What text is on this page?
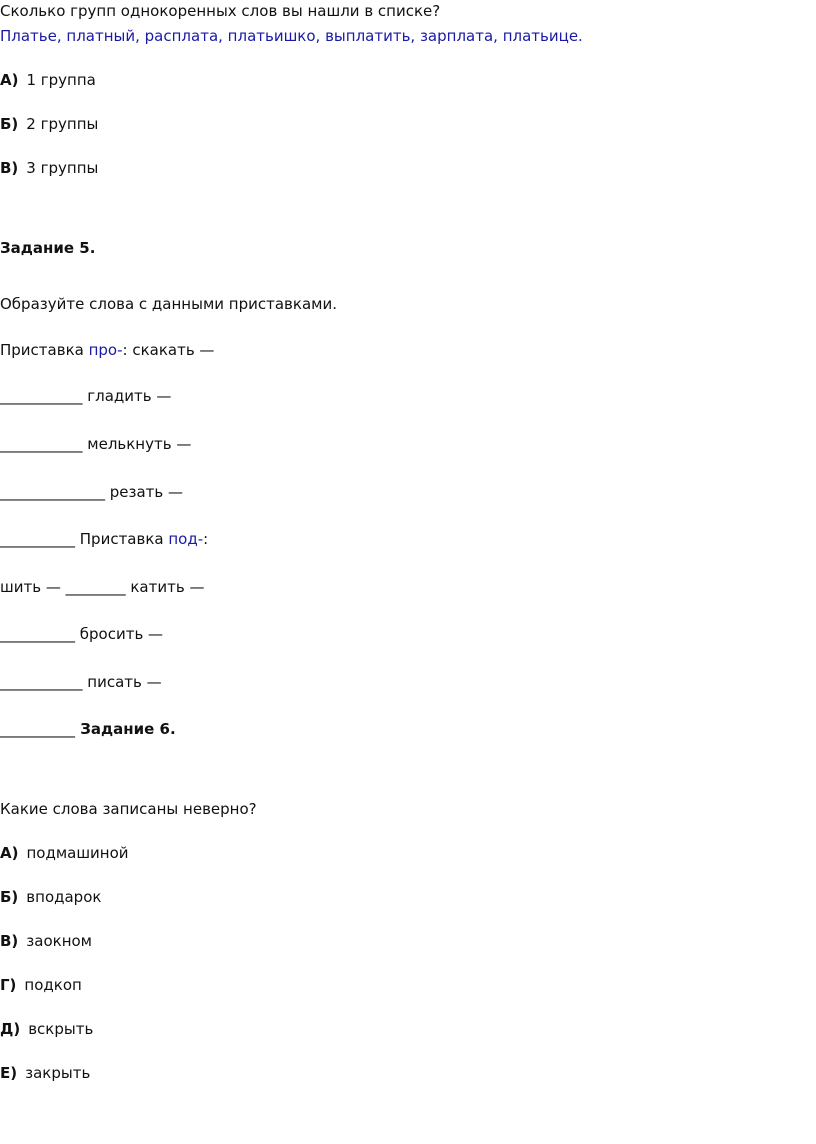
Сколько групп однокоренных слов вы нашли в списке?
Платье, платный, расплата, платьишко, выплатить, зарплата, платьице.
А) 1 группа
Б) 2 группы
В) 3 группы
Задание 5.
Образуйте слова с данными приставками.
Приставка про-: скакать —
___________ гладить —
___________ мелькнуть —
______________ резать —
__________ Приставка под-:
шить — ________ катить —
__________ бросить —
___________ писать —
__________ Задание 6.
Какие слова записаны неверно?
А) подмашиной
Б) вподарок
В) заокном
Г) подкоп
Д) вскрыть
Е) закрыть
